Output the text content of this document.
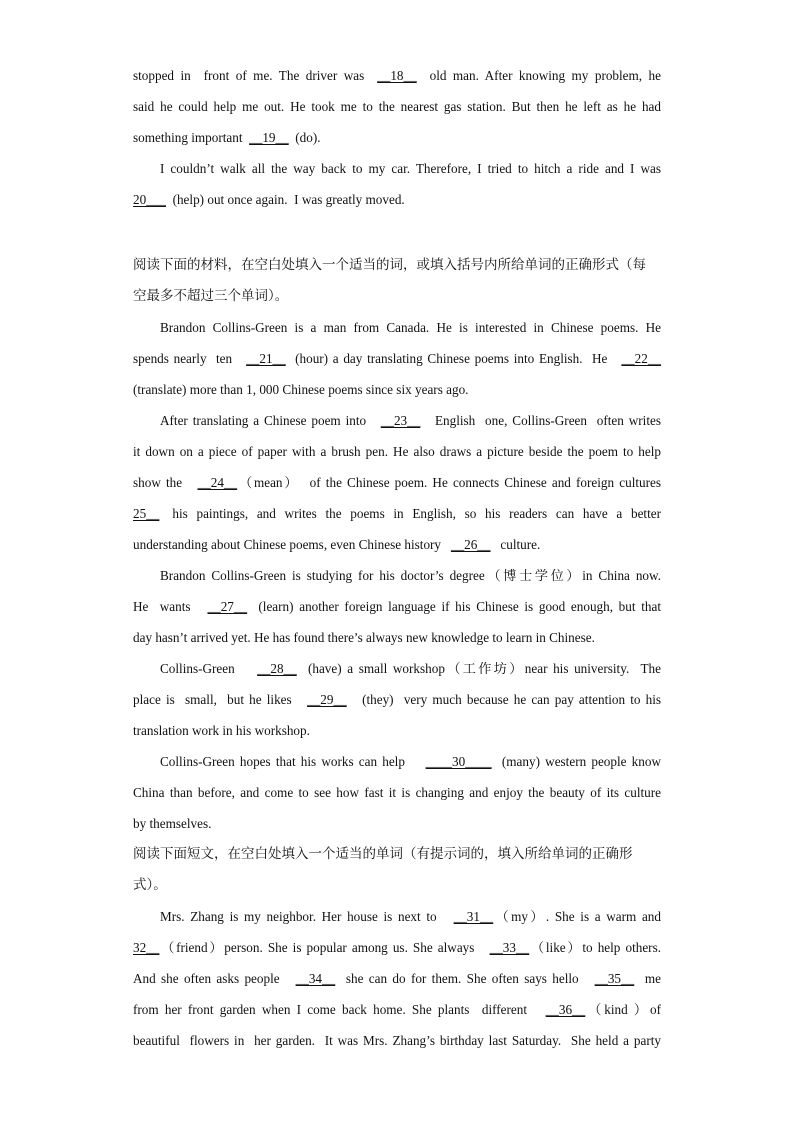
stopped in  front of me. The driver was  __18__  old man. After knowing my problem, he
said he could help me out. He took me to the nearest gas station. But then he left as he had
something important  __19__  (do).
I couldn’t walk all the way back to my car. Therefore, I tried to hitch a ride and I was
20___  (help) out once again.  I was greatly moved.
阅读下面的材料，在空白处填入一个适当的词，或填入括号内所给单词的正确形式（每
空最多不超过三个单词）。
Brandon  Collins-Green  is  a  man  from  Canada.  He  is  interested  in  Chinese  poems.  He
spends nearly  ten   __21__  (hour) a day translating Chinese poems into English.  He   __22__
(translate) more than 1, 000 Chinese poems since six years ago.
After translating a Chinese poem into   __23__   English  one, Collins-Green  often writes
it down on a piece of paper with a brush pen. He also draws a picture beside the poem to help
show the   __24__（mean）  of the Chinese poem. He connects Chinese and foreign cultures
25__   his  paintings,  and  writes  the  poems  in  English,  so  his  readers  can  have  a  better
understanding about Chinese poems, even Chinese history   __26__   culture.
Brandon Collins-Green is studying for his doctor’s degree（博士学位）in China now.
He  wants   __27__  (learn) another foreign language if his Chinese is good enough, but that
day hasn’t arrived yet. He has found there’s always new knowledge to learn in Chinese.
Collins-Green    __28__  (have) a small workshop（工作坊）near his university.  The
place is  small,  but he likes   __29__   (they)  very much because he can pay attention to his
translation work in his workshop.
Collins-Green hopes that his works can help    ____30____  (many) western people know
China than before, and come to see how fast it is changing and enjoy the beauty of its culture
by themselves.
阅读下面短文，在空白处填入一个适当的单词（有提示词的，填入所给单词的正确形
式）。
Mrs. Zhang is my neighbor. Her house is next to   __31__（my）. She is a warm and
32__（friend）person. She is popular among us. She always   __33__（like）to help others.
And she often asks people   __34__  she can do for them. She often says hello   __35__  me
from her front garden when I come back home. She plants  different   __36__（kind ）of
beautiful  flowers in  her garden.  It was Mrs. Zhang’s birthday last Saturday.  She held a party
